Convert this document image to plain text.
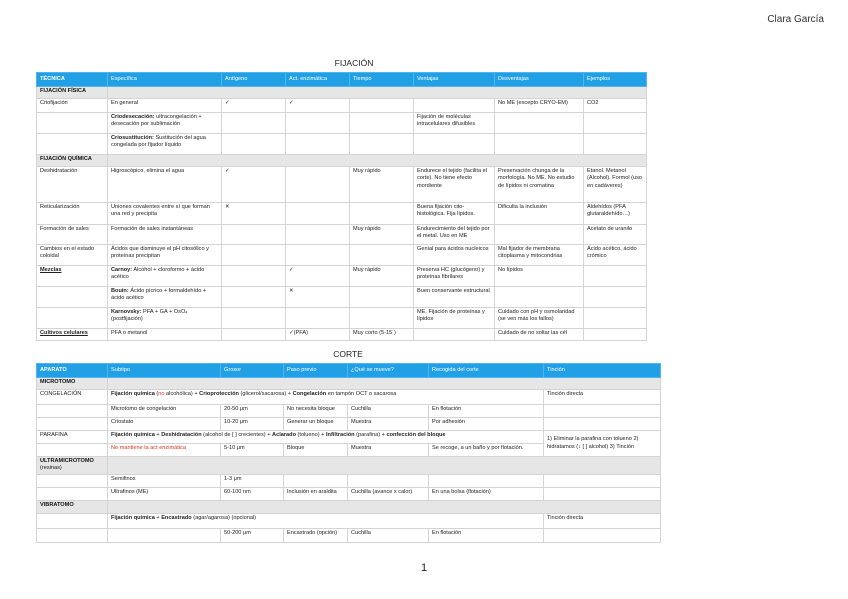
Clara García
FIJACIÓN
TÉCNICA	Específica	Antígeno	Act. enzimática	Tiempo	Ventajas	Desventajas	Ejemplos
FIJACIÓN FÍSICA							
Criofijación	En general	✓	✓			No ME (excepto CRYO-EM)	CO2
	Criodesecación: ultracongelación + desecación por sublimación				Fijación de moléculas intracelulares difusibles		
	Criosustitución: Sustitución del agua congelada por fijador líquido						
FIJACIÓN QUÍMICA							
Deshidratación	Higroscópico, elimina el agua	✓		Muy rápido	Endurece el tejido (facilita el corte). No tiene efecto mordiente	Preservación chunga de la morfología. No ME. No estudio de lípidos ni cromatina	Etanol. Metanol (Alcohol). Formol (uso en cadáveres)
Reticularización	Uniones covalentes entre sí que forman una red y precipita	✕			Buena fijación cito-histológica. Fija lípidos.	Dificulta la inclusión	Aldehídos (PFA glutaraldehído…)
Formación de sales	Formación de sales instantáneas			Muy rápido	Endurecimiento del tejido por el metal. Uso en ME		Acetato de uranilo
Cambios en el estado coloidal	Ácidos que disminuye el pH citosólico y proteínas precipitan				Genial para ácidos nucleicos	Mal fijador de membrana citoplasma y mitocondrias	Ácido acético, ácido crómico
Mezclas	Carnoy: Alcohol + cloroformo + ácido acético		✓	Muy rápido	Preserva HC (glucógeno) y proteínas fibrilares	No lípidos	
	Bouin: Ácido pícrico + formaldehído + ácido acético		✕		Buen conservante estructural		
	Karnovsky: PFA + GA + OsO₄ (postfijación)				ME. Fijación de proteínas y lípidos	Cuidado con pH y osmolaridad (se ven más los fallos)	
Cultivos celulares	PFA o metanol		✓(PFA)	Muy corto (5-15´)		Cuidado de no soltar las cél	
CORTE
APARATO	Subtipo	Grosor	Paso previo	¿Qué se mueve?	Recogida del corte	Tinción
MICROTOMO						
CONGELACIÓN	Fijación química (no alcohólica) + Crioprotección (glicerol/sacarosa) + Congelación en tampón OCT o sacarosa					Tinción directa
	Microtomo de congelación	20-50 μm	No necesita bloque	Cuchilla	En flotación	
	Criostato	10-20 μm	Generar un bloque	Muestra	Por adhesión	
PARAFINA	Fijación química + Deshidratación (alcohol de [ ] crecientes) + Aclarado (tolueno) + Infiltración (parafina) + confección del bloque					1) Eliminar la parafina con tolueno 2) hidratamos (↓ [ ] alcohol) 3) Tinción
	No mantiene la act enzimática	5-10 μm	Bloque	Muestra	Se recoge, a un baño y por flotación.	
ULTRAMICROTOMO
(resinas)						
	Semifinos	1-3 μm				
	Ultrafinos (ME)	60-100 nm	Inclusión en araldita	Cuchilla (avance x calor)	En una bolsa (flotación)	
VIBRATOMO						
	Fijación química + Encastrado (agar/agarosa) (opcional)					Tinción directa
		50-200 μm	Encastrado (opción)	Cuchilla	En flotación	
1
